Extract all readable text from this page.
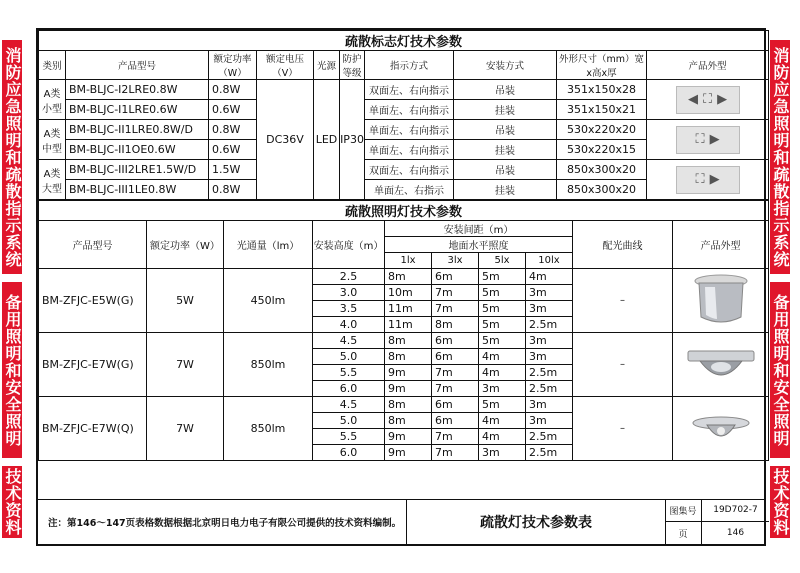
消防应急照明和疏散指示系统
备用照明和安全照明
技术资料
消防应急照明和疏散指示系统
备用照明和安全照明
技术资料
疏散标志灯技术参数									
类别	产品型号	额定功率（W）	额定电压（V）	光源	防护等级	指示方式	安装方式	外形尺寸（mm）宽x高x厚	产品外型
A类小型	BM-BLJC-I2LRE0.8W	0.8W	DC36V	LED	IP30	双面左、右向指示	吊装	351x150x28	◀ ⛶ ▶

	BM-BLJC-I1LRE0.6W	0.6W				单面左、右向指示	挂装	351x150x21	
A类中型	BM-BLJC-II1LRE0.8W/D	0.8W				单面左、右向指示	吊装	530x220x20	⛶ ▶

	BM-BLJC-II1OE0.6W	0.6W				单面左、右向指示	挂装	530x220x15	
A类大型	BM-BLJC-III2LRE1.5W/D	1.5W				双面左、右向指示	吊装	850x300x20	⛶ ▶

	BM-BLJC-III1LE0.8W	0.8W				单面左、右指示	挂装	850x300x20	
疏散照明灯技术参数									
产品型号	额定功率（W）	光通量（lm）	安装高度（m）	安装间距（m）				配光曲线	产品外型
				地面水平照度					
				1lx	3lx	5lx	10lx		
BM-ZFJC-E5W(G)	5W	450lm	2.5	8m	6m	5m	4m	–	

			3.0	10m	7m	5m	3m		
			3.5	11m	7m	5m	3m		
			4.0	11m	8m	5m	2.5m		
BM-ZFJC-E7W(G)	7W	850lm	4.5	8m	6m	5m	3m	–	

			5.0	8m	6m	4m	3m		
			5.5	9m	7m	4m	2.5m		
			6.0	9m	7m	3m	2.5m		
BM-ZFJC-E7W(Q)	7W	850lm	4.5	8m	6m	5m	3m	–	

			5.0	8m	6m	4m	3m		
			5.5	9m	7m	4m	2.5m		
			6.0	9m	7m	3m	2.5m		
注：第146～147页表格数据根据北京明日电力电子有限公司提供的技术资料编制。	疏散灯技术参数表
图集号	19D702-7
页	146
